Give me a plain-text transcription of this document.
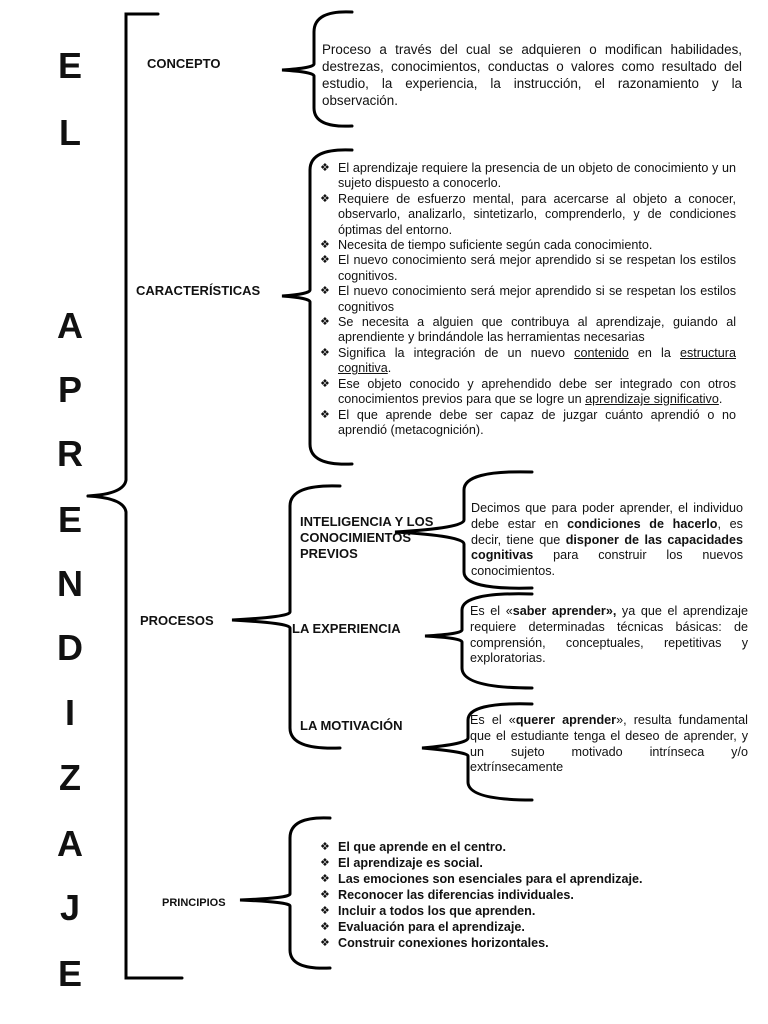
E
L
A
P
R
E
N
D
I
Z
A
J
E
CONCEPTO
CARACTERÍSTICAS
PROCESOS
PRINCIPIOS
Proceso a través del cual se adquieren o modifican habilidades, destrezas, conocimientos, conductas o valores como resultado del estudio, la experiencia, la instrucción, el razonamiento y la observación.
❖ El aprendizaje requiere la presencia de un objeto de conocimiento y un sujeto dispuesto a conocerlo.
❖ Requiere de esfuerzo mental, para acercarse al objeto a conocer, observarlo, analizarlo, sintetizarlo, comprenderlo, y de condiciones óptimas del entorno.
❖ Necesita de tiempo suficiente según cada conocimiento.
❖ El nuevo conocimiento será mejor aprendido si se respetan los estilos cognitivos.
❖ El nuevo conocimiento será mejor aprendido si se respetan los estilos cognitivos
❖ Se necesita a alguien que contribuya al aprendizaje, guiando al aprendiente y brindándole las herramientas necesarias
❖ Significa la integración de un nuevo contenido en la estructura cognitiva.
❖ Ese objeto conocido y aprehendido debe ser integrado con otros conocimientos previos para que se logre un aprendizaje significativo.
❖ El que aprende debe ser capaz de juzgar cuánto aprendió o no aprendió (metacognición).
INTELIGENCIA Y LOS CONOCIMIENTOS PREVIOS
LA EXPERIENCIA
LA MOTIVACIÓN
Decimos que para poder aprender, el individuo debe estar en condiciones de hacerlo, es decir, tiene que disponer de las capacidades cognitivas para construir los nuevos conocimientos.
Es el «saber aprender», ya que el aprendizaje requiere determinadas técnicas básicas: de comprensión, conceptuales, repetitivas y exploratorias.
Es el «querer aprender», resulta fundamental que el estudiante tenga el deseo de aprender, y un sujeto motivado intrínseca y/o extrínsecamente
❖ El que aprende en el centro.
❖ El aprendizaje es social.
❖ Las emociones son esenciales para el aprendizaje.
❖ Reconocer las diferencias individuales.
❖ Incluir a todos los que aprenden.
❖ Evaluación para el aprendizaje.
❖ Construir conexiones horizontales.
